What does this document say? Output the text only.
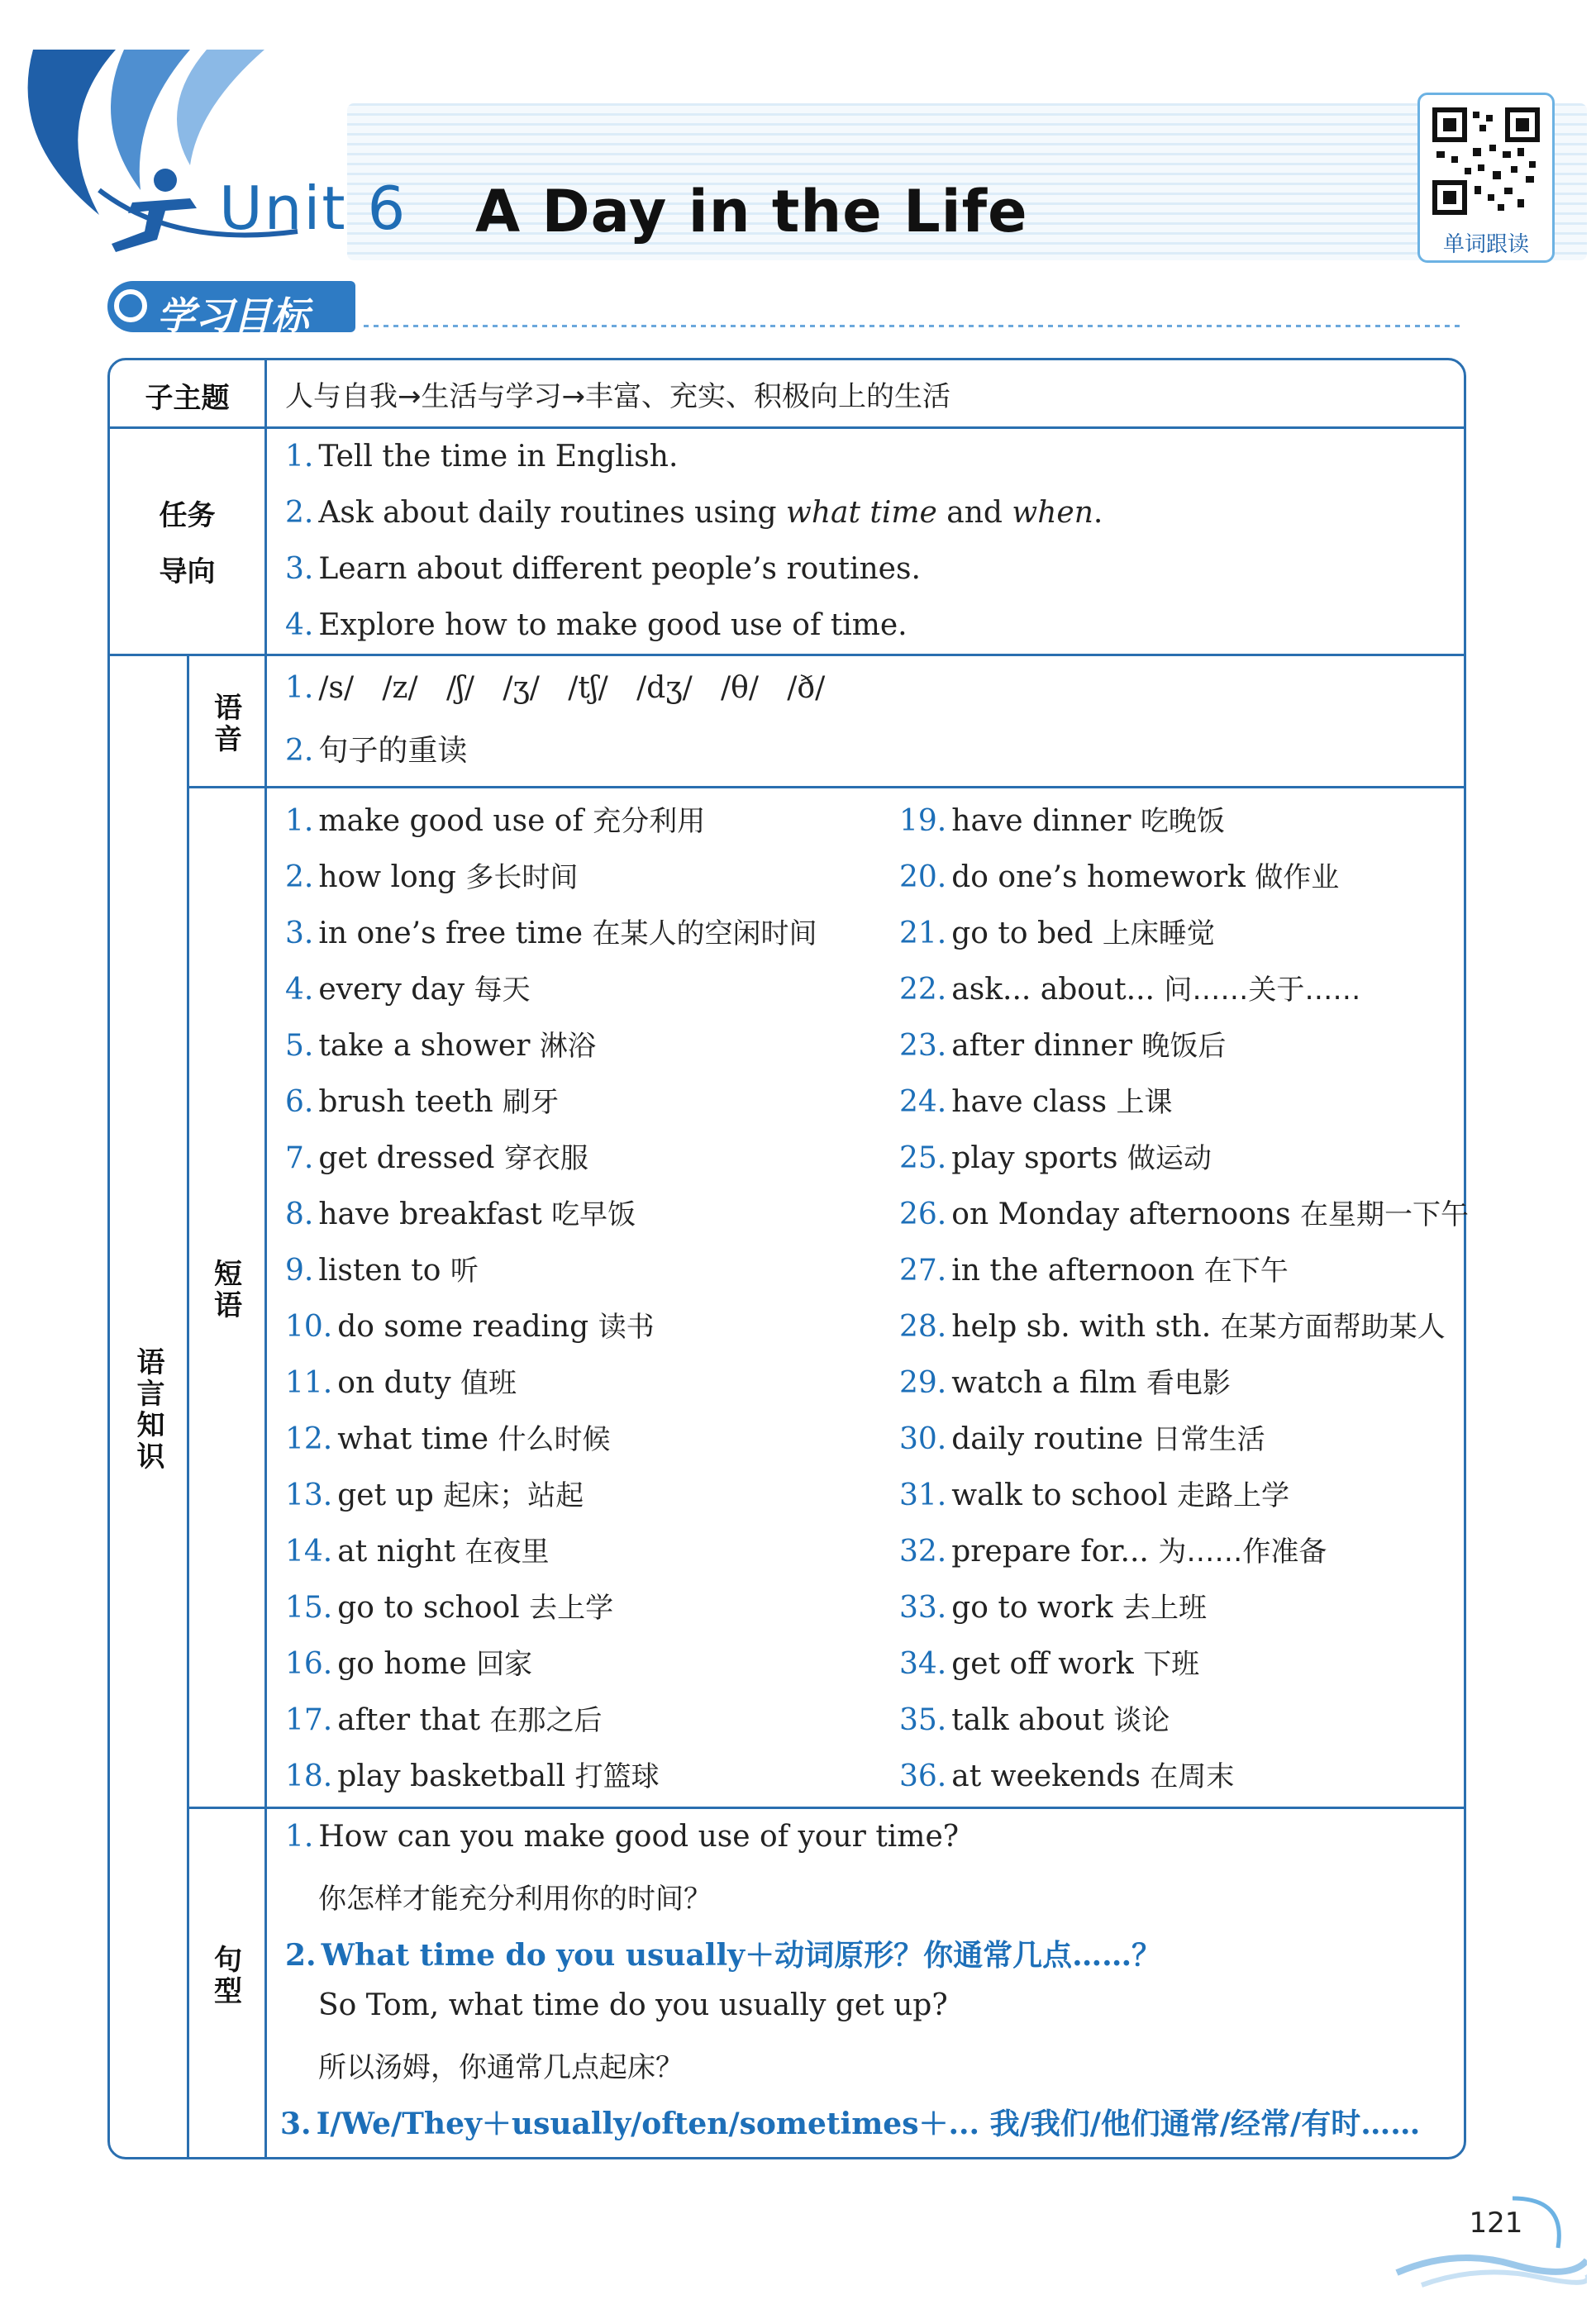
Unit 6 A Day in the Life	单词跟读
学习目标
子主题	人与自我→生活与学习→丰富、充实、积极向上的生活
任务
导向
1. Tell the time in English.
2. Ask about daily routines using what time and when.
3. Learn about different people’s routines.
4. Explore how to make good use of time.
语言知识
语音
1. /s/   /z/   /ʃ/   /ʒ/   /tʃ/   /dʒ/   /θ/   /ð/
2. 句子的重读
短语
1. make good use of 充分利用
2. how long 多长时间
3. in one’s free time 在某人的空闲时间
4. every day 每天
5. take a shower 淋浴
6. brush teeth 刷牙
7. get dressed 穿衣服
8. have breakfast 吃早饭
9. listen to 听
10. do some reading 读书
11. on duty 值班
12. what time 什么时候
13. get up 起床；站起
14. at night 在夜里
15. go to school 去上学
16. go home 回家
17. after that 在那之后
18. play basketball 打篮球
19. have dinner 吃晚饭
20. do one’s homework 做作业
21. go to bed 上床睡觉
22. ask... about... 问……关于……
23. after dinner 晚饭后
24. have class 上课
25. play sports 做运动
26. on Monday afternoons 在星期一下午
27. in the afternoon 在下午
28. help sb. with sth. 在某方面帮助某人
29. watch a film 看电影
30. daily routine 日常生活
31. walk to school 走路上学
32. prepare for... 为……作准备
33. go to work 去上班
34. get off work 下班
35. talk about 谈论
36. at weekends 在周末
句型
1. How can you make good use of your time?
你怎样才能充分利用你的时间？
2. What time do you usually＋动词原形？你通常几点……？
So Tom, what time do you usually get up?
所以汤姆，你通常几点起床？
3. I/We/They＋usually/often/sometimes＋... 我/我们/他们通常/经常/有时……
121
